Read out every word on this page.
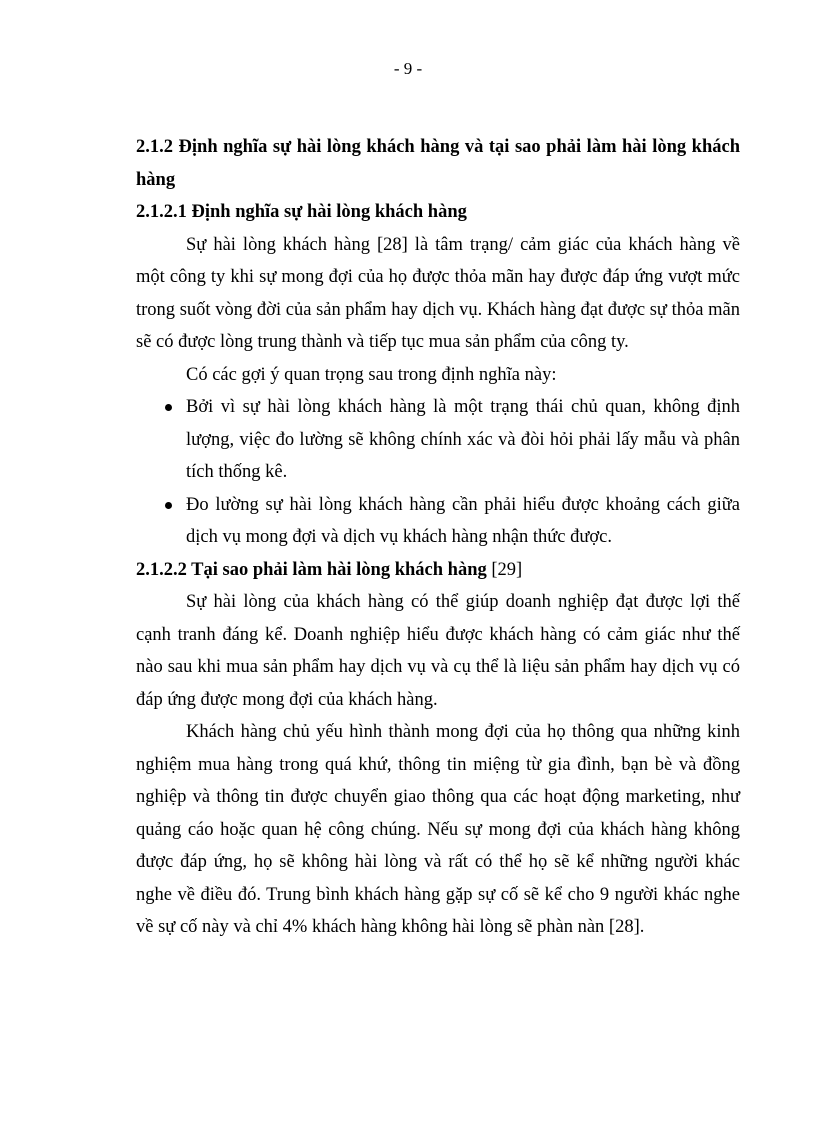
- 9 -

2.1.2 Định nghĩa sự hài lòng khách hàng và tại sao phải làm hài lòng khách hàng

2.1.2.1 Định nghĩa sự hài lòng khách hàng

Sự hài lòng khách hàng [28] là tâm trạng/ cảm giác của khách hàng về một công ty khi sự mong đợi của họ được thỏa mãn hay được đáp ứng vượt mức trong suốt vòng đời của sản phẩm hay dịch vụ. Khách hàng đạt được sự thỏa mãn sẽ có được lòng trung thành và tiếp tục mua sản phẩm của công ty.

Có các gợi ý quan trọng sau trong định nghĩa này:

Bởi vì sự hài lòng khách hàng là một trạng thái chủ quan, không định lượng, việc đo lường sẽ không chính xác và đòi hỏi phải lấy mẫu và phân tích thống kê.
Đo lường sự hài lòng khách hàng cần phải hiểu được khoảng cách giữa dịch vụ mong đợi và dịch vụ khách hàng nhận thức được.

2.1.2.2 Tại sao phải làm hài lòng khách hàng [29]

Sự hài lòng của khách hàng có thể giúp doanh nghiệp đạt được lợi thế cạnh tranh đáng kể. Doanh nghiệp hiểu được khách hàng có cảm giác như thế nào sau khi mua sản phẩm hay dịch vụ và cụ thể là liệu sản phẩm hay dịch vụ có đáp ứng được mong đợi của khách hàng.

Khách hàng chủ yếu hình thành mong đợi của họ thông qua những kinh nghiệm mua hàng trong quá khứ, thông tin miệng từ gia đình, bạn bè và đồng nghiệp và thông tin được chuyển giao thông qua các hoạt động marketing, như quảng cáo hoặc quan hệ công chúng. Nếu sự mong đợi của khách hàng không được đáp ứng, họ sẽ không hài lòng và rất có thể họ sẽ kể những người khác nghe về điều đó. Trung bình khách hàng gặp sự cố sẽ kể cho 9 người khác nghe về sự cố này và chỉ 4% khách hàng không hài lòng sẽ phàn nàn [28].
